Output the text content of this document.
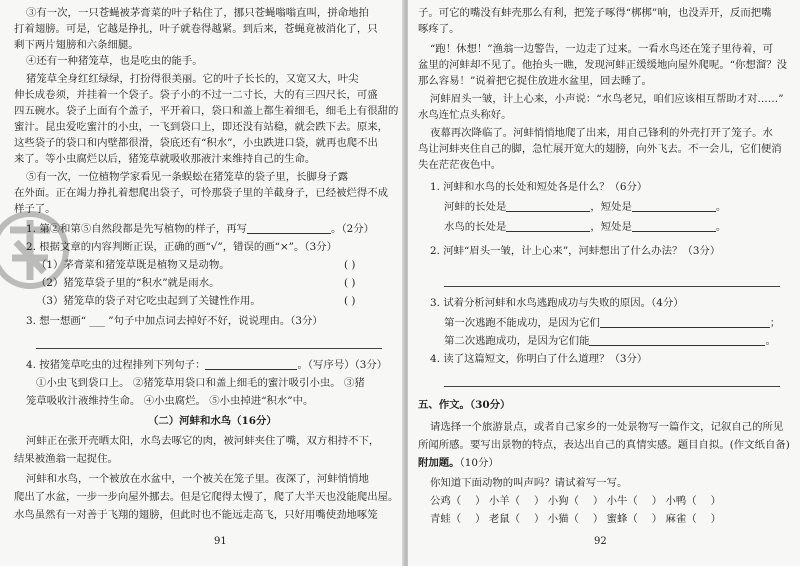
③有一次，一只苍蝇被茅膏菜的叶子粘住了，挪只苍蝇嗡嗡直叫，拼命地拍
打着翅膀。可是，它越是挣扎，叶子就卷得越紧。到后来，苍蝇竟被消化了，只
剩下两片翅膀和六条细腿。
④还有一种猪笼草，也是吃虫的能手。
猪笼草全身红红绿绿，打扮得很美丽。它的叶子长长的，又宽又大，叶尖
伸长成卷须，并挂着一个袋子。袋子小的不过一二寸长，大的有三四尺长，可盛
四五碗水。袋子上面有个盖子，平开着口，袋口和盖上都生着细毛，细毛上有很甜的
蜜汁。昆虫爱吃蜜汁的小虫，一飞到袋口上，即还没有站稳，就会跌下去。原来，
这些袋子的袋口和内壁都很滑，袋底还有“积水”，小虫跌进口袋，就再也爬不出
来了。等小虫腐烂以后，猪笼草就吸收那液汁来维持自己的生命。
⑤有一次，一位植物学家看见一条蜈蚣在猪笼草的袋子里，长脚身子露
在外面。正在竭力挣扎着想爬出袋子，可怜那袋子里的羊截身子，已经被烂得不成
样子了。
1. 第②和第⑤自然段都是先写植物的样子，再写	。（2分）
2. 根据文章的内容判断正误，正确的画“√”，错误的画“×”。（3分）
（1）茅膏菜和猪笼草既是植物又是动物。	( )
（2）猪笼草袋子里的“积水”就是雨水。	( )
（3）猪笼草的袋子对它吃虫起到了关键性作用。	( )
3. 想一想画“ ___ ”句子中加点词去掉好不好，说说理由。（3分）
4. 按猪笼草吃虫的过程排列下列句子：	。（写序号）（3分）
①小虫飞到袋口上。 ②猪笼草用袋口和盖上细毛的蜜汁吸引小虫。 ③猪
笼草吸收汁液维持生命。 ④小虫腐烂。 ⑤小虫掉进“积水”中。
（二）河蚌和水鸟（16分）
河蚌正在张开壳晒太阳，水鸟去啄它的肉，被河蚌夹住了嘴，双方相持不下，
结果被渔翁一起捉住。
河蚌和水鸟，一个被放在水盆中，一个被关在笼子里。夜深了，河蚌悄悄地
爬出了水盆，一步一步向屋外挪去。但是它爬得太慢了，爬了大半天也没能爬出屋。
水鸟虽然有一对善于飞翔的翅膀，但此时也不能远走高飞，只好用嘴使劲地啄笼
91
子。可它的嘴没有蚌壳那么有利，把笼子啄得“梆梆”响，也没弄开，反而把嘴
啄疼了。
“跑！休想！”渔翁一边警告，一边走了过来。一看水鸟还在笼子里待着，可
盆里的河蚌却不见了。他抬头一瞧，发现河蚌正缓缓地向屋外爬呢。“你想溜？没
那么容易！”说着把它捉住放进水盆里，回去睡了。
河蚌眉头一皱，计上心来，小声说：“水鸟老兄，咱们应该相互帮助才对……”
水鸟连忙点头称好。
夜幕再次降临了。河蚌悄悄地爬了出来，用自己锋利的外壳打开了笼子。水
鸟让河蚌夹住自己的脚，急忙展开宽大的翅膀，向外飞去。不一会儿，它们便消
失在茫茫夜色中。
1. 河蚌和水鸟的长处和短处各是什么？（6分）
河蚌的长处是	，短处是	。
水鸟的长处是	，短处是	。
2. 河蚌“眉头一皱，计上心来”，河蚌想出了什么办法？（3分）
3. 试着分析河蚌和水鸟逃跑成功与失败的原因。（4分）
第一次逃跑不能成功，是因为它们	；
第二次逃跑成功，是因为它们能	。
4. 读了这篇短文，你明白了什么道理？（3分）
五、作文。（30分）
请选择一个旅游景点，或者自己家乡的一处景物写一篇作文，记叙自己的所见
所闻所感。要写出景物的特点，表达出自己的真情实感。题目自拟。(作文纸自备)
附加题。（10分）
你知道下面动物的叫声吗？请试着写一写。
公鸡（ ） 小羊（ ） 小狗（ ） 小牛（ ） 小鸭（ ）
青蛙（ ） 老鼠（ ） 小猫（ ） 蜜蜂（ ） 麻雀（ ）
92
